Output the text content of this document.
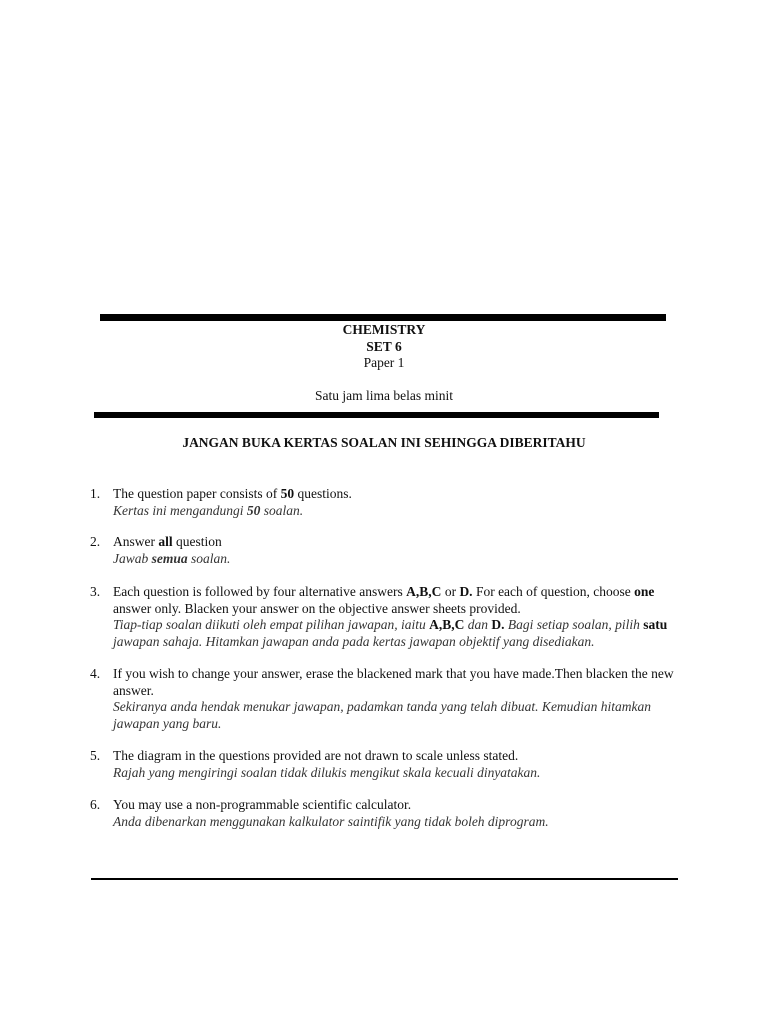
CHEMISTRY
SET 6
Paper 1
Satu jam lima belas minit
JANGAN BUKA KERTAS SOALAN INI SEHINGGA DIBERITAHU
1. The question paper consists of 50 questions.
Kertas ini mengandungi 50 soalan.
2. Answer all question
Jawab semua soalan.
3. Each question is followed by four alternative answers A,B,C or D. For each of question, choose one answer only. Blacken your answer on the objective answer sheets provided.
Tiap-tiap soalan diikuti oleh empat pilihan jawapan, iaitu A,B,C dan D. Bagi setiap soalan, pilih satu jawapan sahaja. Hitamkan jawapan anda pada kertas jawapan objektif yang disediakan.
4. If you wish to change your answer, erase the blackened mark that you have made.Then blacken the new answer.
Sekiranya anda hendak menukar jawapan, padamkan tanda yang telah dibuat. Kemudian hitamkan jawapan yang baru.
5. The diagram in the questions provided are not drawn to scale unless stated.
Rajah yang mengiringi soalan tidak dilukis mengikut skala kecuali dinyatakan.
6. You may use a non-programmable scientific calculator.
Anda dibenarkan menggunakan kalkulator saintifik yang tidak boleh diprogram.
